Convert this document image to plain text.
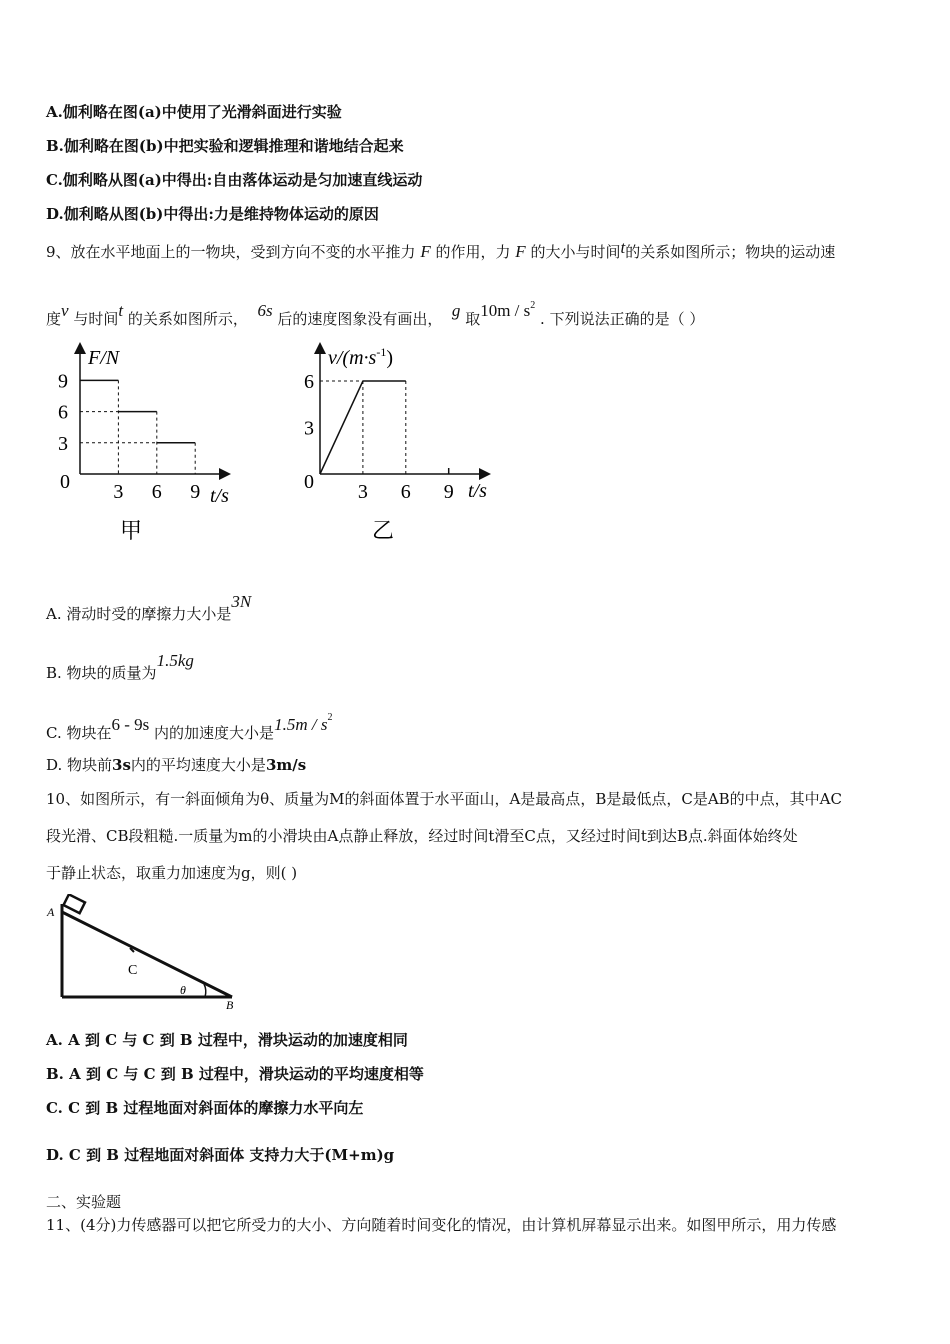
A.伽利略在图(a)中使用了光滑斜面进行实验
B.伽利略在图(b)中把实验和逻辑推理和谐地结合起来
C.伽利略从图(a)中得出:自由落体运动是匀加速直线运动
D.伽利略从图(b)中得出:力是维持物体运动的原因
9、放在水平地面上的一物块，受到方向不变的水平推力 F 的作用，力 F 的大小与时间t的关系如图所示；物块的运动速
度v 与时间t 的关系如图所示， 6s 后的速度图象没有画出， g 取$10m / s^2$ . 下列说法正确的是（ ）
F/N
t/s
0
3
6
9
3 6 9
甲
$v/(m\cdot s^{-1})$
t/s
0
3
6
3 6 9
乙
A. 滑动时受的摩擦力大小是3N
B. 物块的质量为1.5kg
C. 物块在6 - 9s 内的加速度大小是$1.5m / s^2$
D. 物块前3s内的平均速度大小是3m/s
10、如图所示，有一斜面倾角为θ、质量为M的斜面体置于水平面山，A是最高点，B是最低点，C是AB的中点，其中AC
段光滑、CB段粗糙.一质量为m的小滑块由A点静止释放，经过时间t滑至C点，又经过时间t到达B点.斜面体始终处
于静止状态，取重力加速度为g，则( )
A
B
C
θ
A. A 到 C 与 C 到 B 过程中，滑块运动的加速度相同
B. A 到 C 与 C 到 B 过程中，滑块运动的平均速度相等
C. C 到 B 过程地面对斜面体的摩擦力水平向左
D. C 到 B 过程地面对斜面体 支持力大于(M+m)g
二、实验题
11、(4分)力传感器可以把它所受力的大小、方向随着时间变化的情况，由计算机屏幕显示出来。如图甲所示，用力传感
